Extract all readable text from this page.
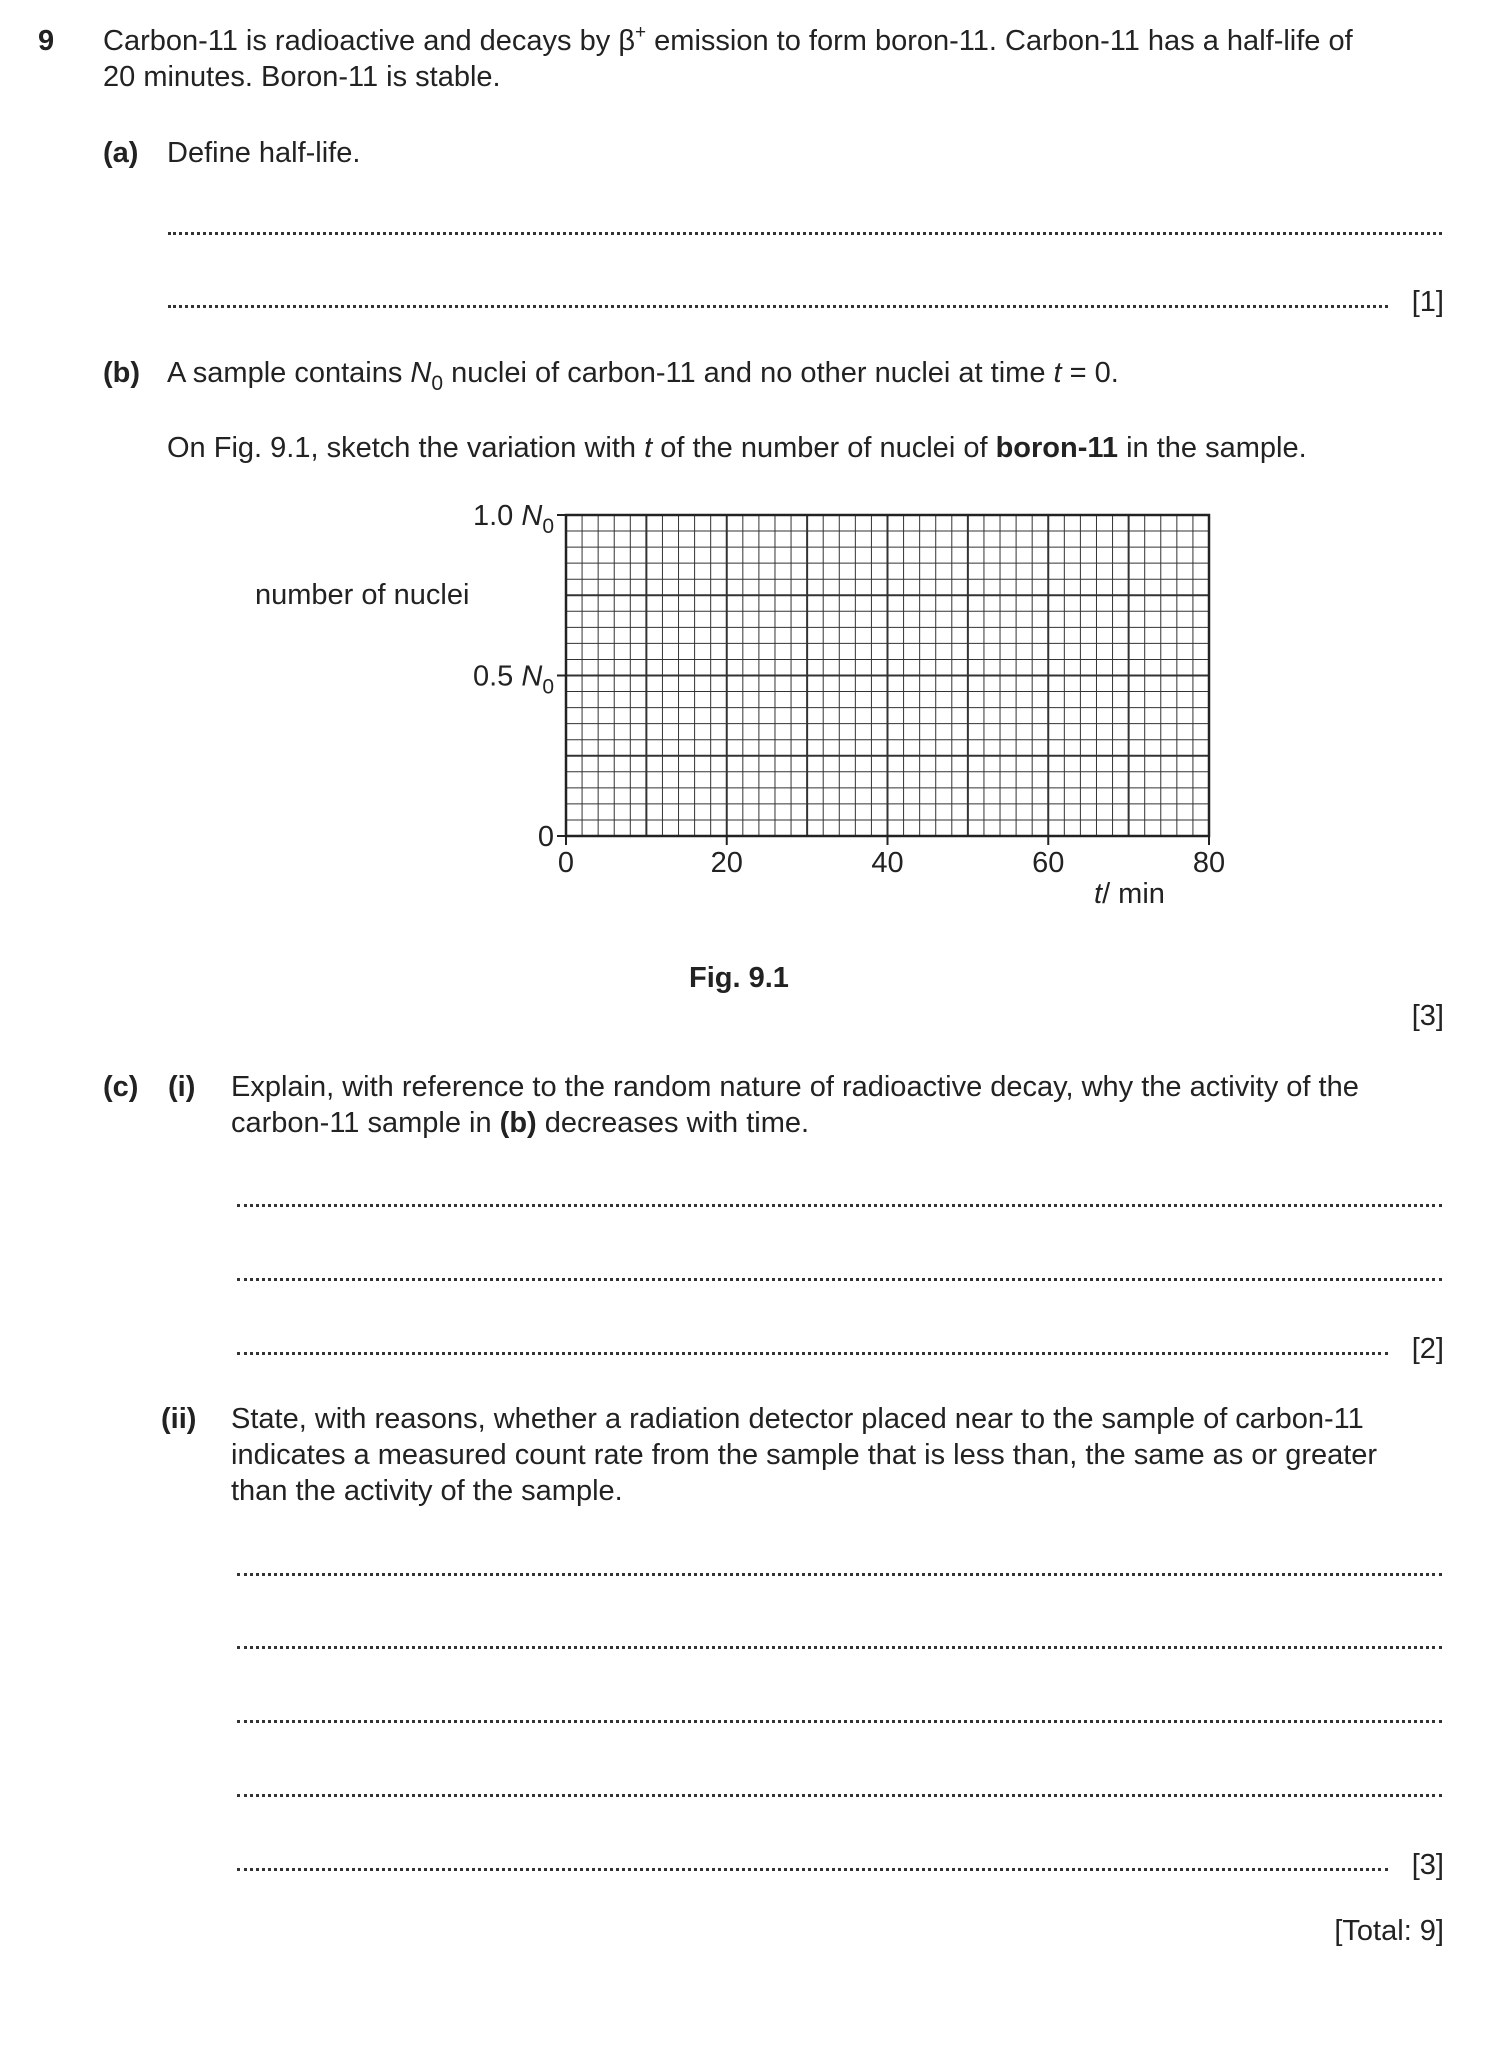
9 Carbon-11 is radioactive and decays by β+ emission to form boron-11. Carbon-11 has a half-life of
20 minutes. Boron-11 is stable.
(a) Define half-life.
[1]
(b) A sample contains $N_0$ nuclei of carbon-11 and no other nuclei at time t = 0.
On Fig. 9.1, sketch the variation with t of the number of nuclei of boron-11 in the sample.
0	20	40	60	80
1.0 $N_0$
0.5 $N_0$
0
number of nuclei
t/ min
Fig. 9.1
[3]
(c) (i) Explain, with reference to the random nature of radioactive decay, why the activity of the
carbon-11 sample in (b) decreases with time.
[2]
(ii) State, with reasons, whether a radiation detector placed near to the sample of carbon-11
indicates a measured count rate from the sample that is less than, the same as or greater
than the activity of the sample.
[3]
[Total: 9]
